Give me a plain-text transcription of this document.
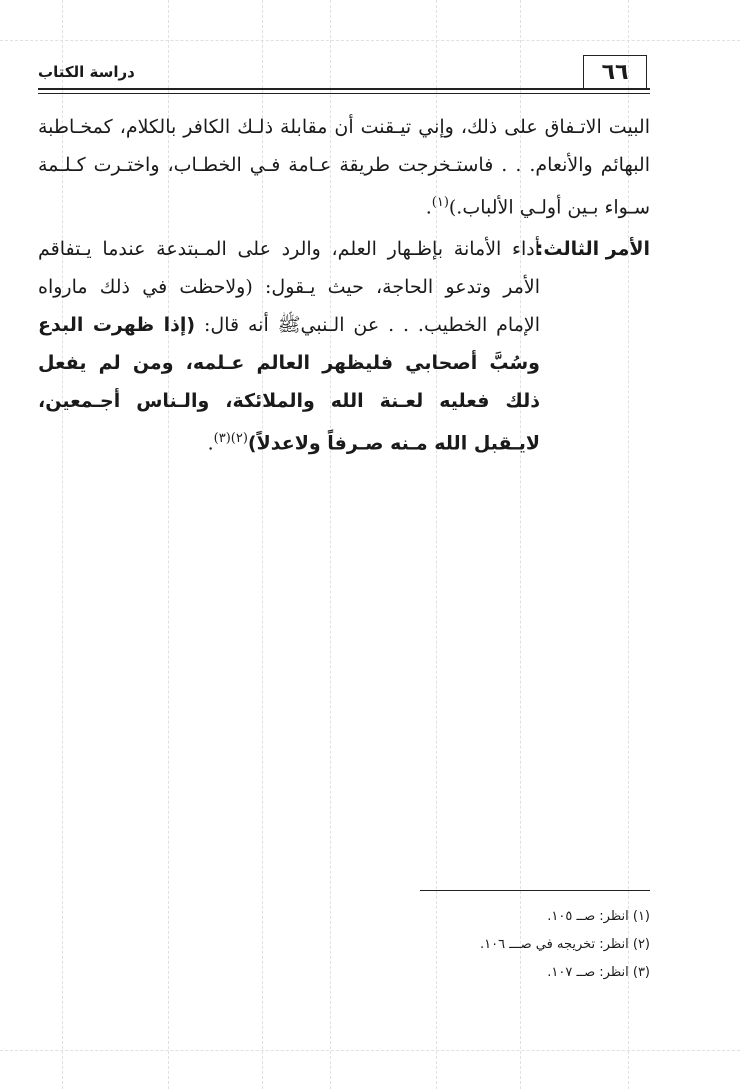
دراسة الكتاب	٦٦

البيت الاتـفاق على ذلك، وإني تيـقنت أن مقابلة ذلـك الكافر بالكلام، كمخـاطبة البهائم والأنعام. . . فاستـخرجت طريقة عـامة فـي الخطـاب، واختـرت كـلـمة سـواء بـين أولـي الألباب.)$^{(١)}$.

الأمر الثالث:
أداء الأمانة بإظـهار العلم، والرد على المـبتدعة عندما يـتفاقم الأمر وتدعو الحاجة، حيث يـقول: (ولاحظت في ذلك مارواه الإمام الخطيب. . . عن الـنبيﷺ أنه قال: (إذا ظهرت البدع وسُبَّ أصحابي فليظهر العالم عـلمه، ومن لم يفعل ذلك فعليه لعـنة الله والملائكة، والـناس أجـمعين، لايـقبل الله مـنه صـرفاً ولاعدلاً)$^{(٢)(٣)}$.

(١) انظر: صــ ١٠٥.
(٢) انظر: تخريجه في صـــ ١٠٦.
(٣) انظر: صــ ١٠٧.
